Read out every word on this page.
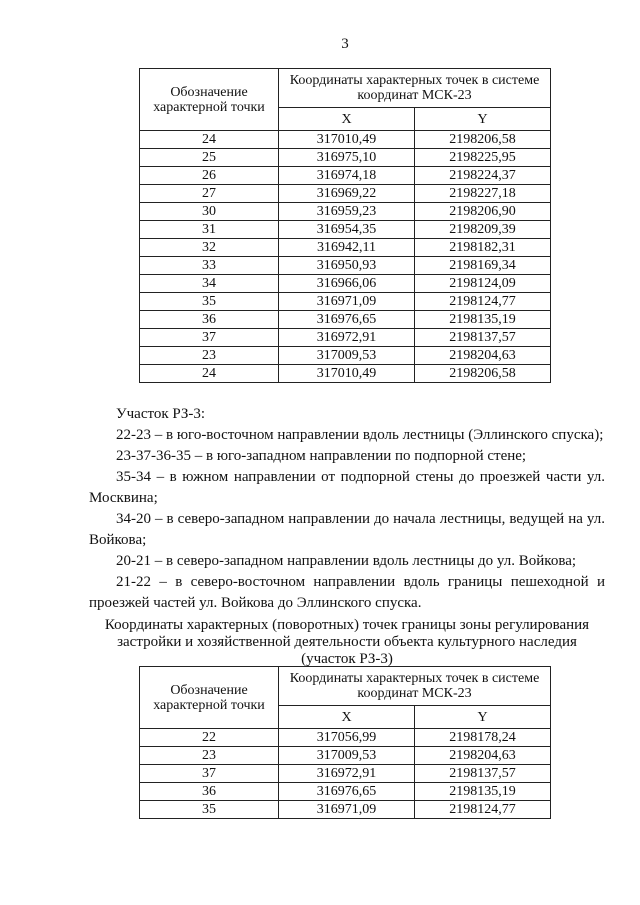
3
Обозначение характерной точки	Координаты характерных точек в системе координат МСК-23	
	X	Y
24	317010,49	2198206,58
25	316975,10	2198225,95
26	316974,18	2198224,37
27	316969,22	2198227,18
30	316959,23	2198206,90
31	316954,35	2198209,39
32	316942,11	2198182,31
33	316950,93	2198169,34
34	316966,06	2198124,09
35	316971,09	2198124,77
36	316976,65	2198135,19
37	316972,91	2198137,57
23	317009,53	2198204,63
24	317010,49	2198206,58

Участок РЗ-3:

22-23 – в юго-восточном направлении вдоль лестницы (Эллинского спуска);

23-37-36-35 – в юго-западном направлении по подпорной стене;

35-34 – в южном направлении от подпорной стены до проезжей части ул. Москвина;

34-20 – в северо-западном направлении до начала лестницы, ведущей на ул. Войкова;

20-21 – в северо-западном направлении вдоль лестницы до ул. Войкова;

21-22 – в северо-восточном направлении вдоль границы пешеходной и проезжей частей ул. Войкова до Эллинского спуска.

Координаты характерных (поворотных) точек границы зоны регулирования застройки и хозяйственной деятельности объекта культурного наследия (участок РЗ-3)
Обозначение характерной точки	Координаты характерных точек в системе координат МСК-23	
	X	Y
22	317056,99	2198178,24
23	317009,53	2198204,63
37	316972,91	2198137,57
36	316976,65	2198135,19
35	316971,09	2198124,77
